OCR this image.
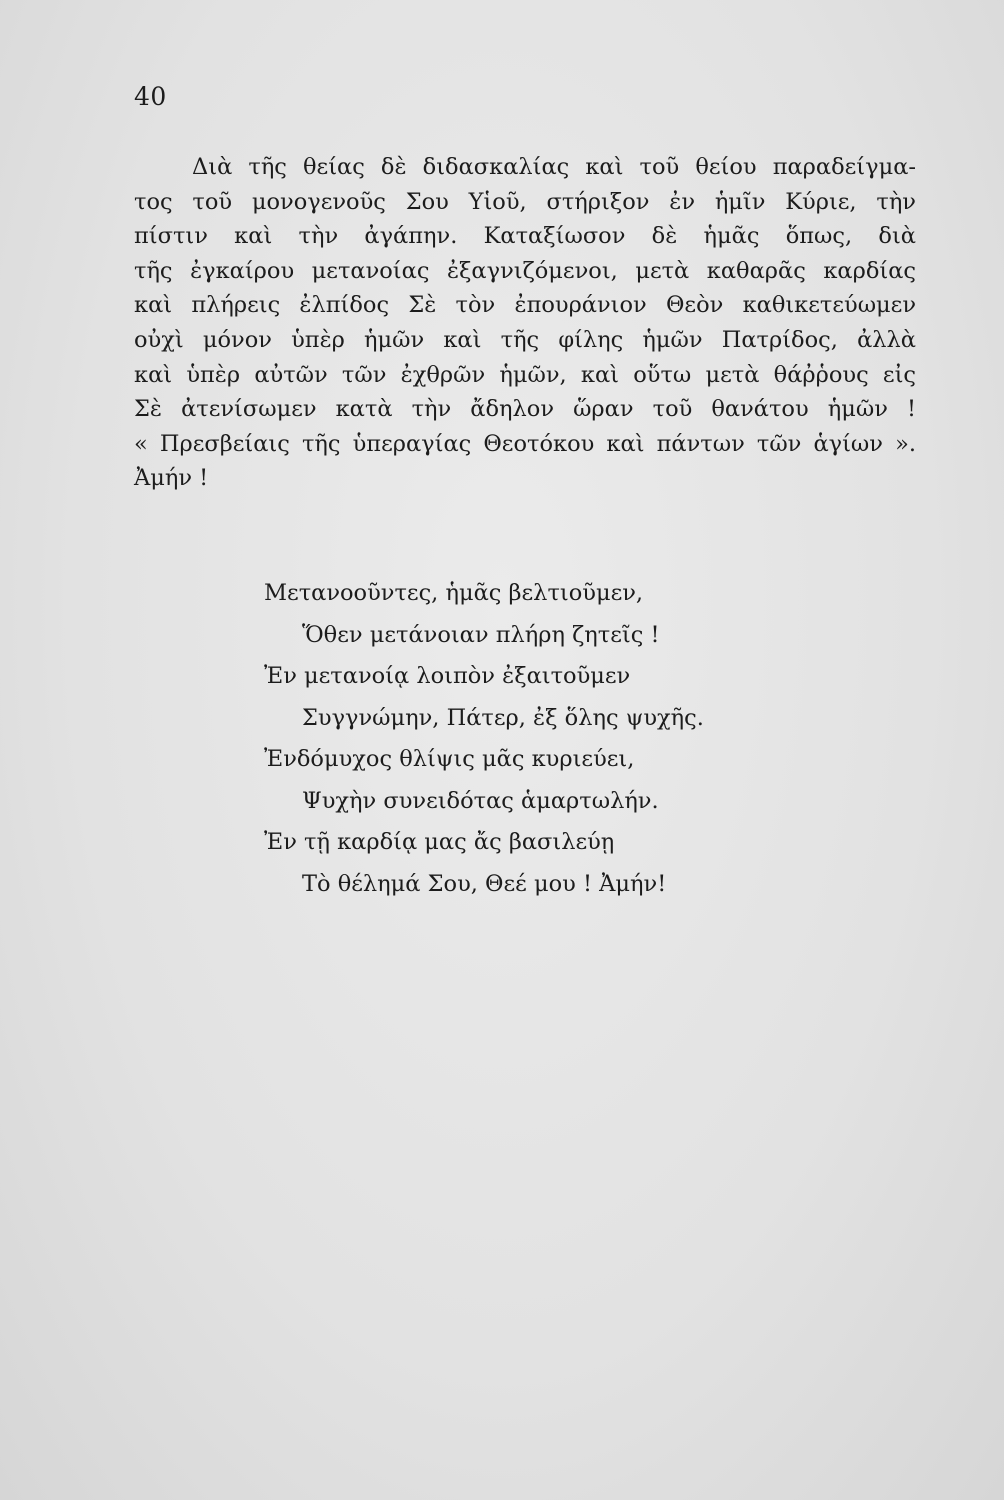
40

Διὰ τῆς θείας δὲ διδασκαλίας καὶ τοῦ θείου παραδείγμα-
τος τοῦ μονογενοῦς Σου Υἱοῦ, στήριξον ἐν ἡμῖν Κύριε, τὴν
πίστιν καὶ τὴν ἀγάπην. Καταξίωσον δὲ ἡμᾶς ὅπως, διὰ
τῆς ἐγκαίρου μετανοίας ἐξαγνιζόμενοι, μετὰ καθαρᾶς καρδίας
καὶ πλήρεις ἐλπίδος Σὲ τὸν ἐπουράνιον Θεὸν καθικετεύωμεν
οὐχὶ μόνον ὑπὲρ ἡμῶν καὶ τῆς φίλης ἡμῶν Πατρίδος, ἀλλὰ
καὶ ὑπὲρ αὐτῶν τῶν ἐχθρῶν ἡμῶν, καὶ οὕτω μετὰ θάῤῥους εἰς
Σὲ ἀτενίσωμεν κατὰ τὴν ἄδηλον ὥραν τοῦ θανάτου ἡμῶν !
« Πρεσβείαις τῆς ὑπεραγίας Θεοτόκου καὶ πάντων τῶν ἁγίων ».
Ἀμήν !

Μετανοοῦντες, ἡμᾶς βελτιοῦμεν,
Ὅθεν μετάνοιαν πλήρη ζητεῖς !
Ἐν μετανοίᾳ λοιπὸν ἐξαιτοῦμεν
Συγγνώμην, Πάτερ, ἐξ ὅλης ψυχῆς.
Ἐνδόμυχος θλίψις μᾶς κυριεύει,
Ψυχὴν συνειδότας ἁμαρτωλήν.
Ἐν τῇ καρδίᾳ μας ἄς βασιλεύῃ
Τὸ θέλημά Σου, Θεέ μου ! Ἀμήν!
